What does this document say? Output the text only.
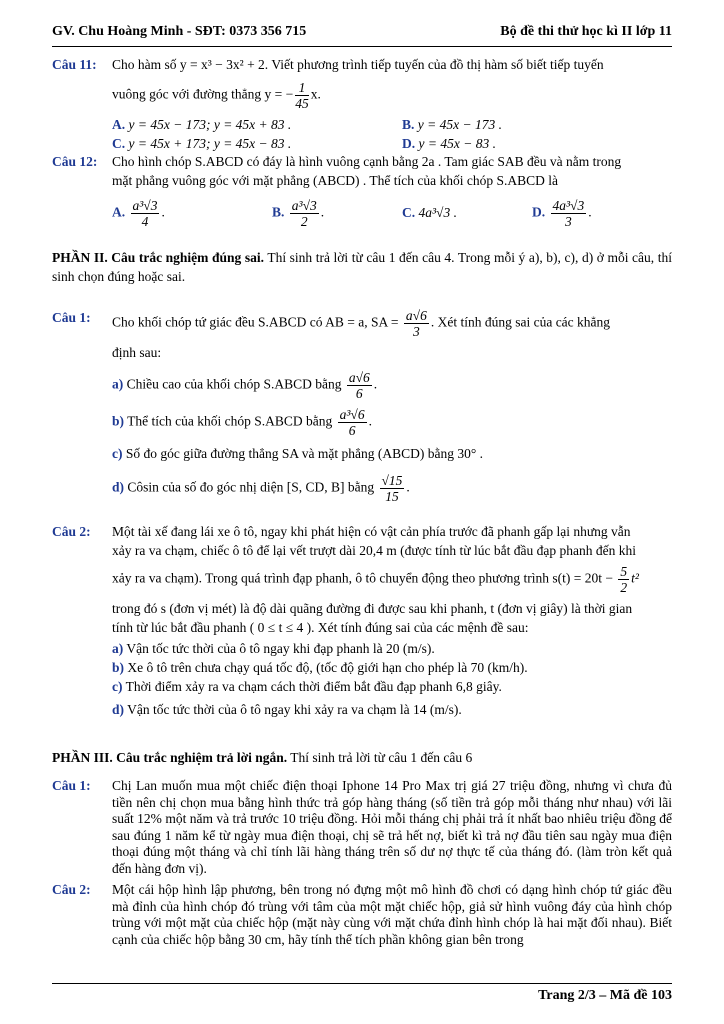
GV. Chu Hoàng Minh - SĐT: 0373 356 715	Bộ đề thi thử học kì II lớp 11
Câu 11: Cho hàm số y = x³ − 3x² + 2. Viết phương trình tiếp tuyến của đồ thị hàm số biết tiếp tuyến
vuông góc với đường thẳng y = − $\frac{1}{45} x$.
A. y = 45x − 173; y = 45x + 83 .	B. y = 45x − 173 .
C. y = 45x + 173; y = 45x − 83 .	D. y = 45x − 83 .
Câu 12: Cho hình chóp S.ABCD có đáy là hình vuông cạnh bằng 2a . Tam giác SAB đều và nằm trong
mặt phẳng vuông góc với mặt phẳng (ABCD) . Thể tích của khối chóp S.ABCD là
A. $\frac{\text{a³√3}}{4}$ .	B. $\frac{\text{a³√3}}{2}$ .	C. 4a³√3 .	D. $\frac{\text{4a³√3}}{3}$ .
PHẦN II. Câu trắc nghiệm đúng sai. Thí sinh trả lời từ câu 1 đến câu 4. Trong mỗi ý a), b), c), d) ở mỗi câu, thí sinh chọn đúng hoặc sai.
Câu 1: Cho khối chóp tứ giác đều S.ABCD có AB = a, SA = $\frac{a√6}{3}$ . Xét tính đúng sai của các khẳng
định sau:
a) Chiều cao của khối chóp S.ABCD bằng $\frac{a√6}{6}$ .
b) Thể tích của khối chóp S.ABCD bằng $\frac{\text{a³√6}}{6}$ .
c) Số đo góc giữa đường thẳng SA và mặt phẳng (ABCD) bằng 30° .
d) Côsin của số đo góc nhị diện [S, CD, B] bằng $\frac{√15}{15}$ .
Câu 2: Một tài xế đang lái xe ô tô, ngay khi phát hiện có vật cản phía trước đã phanh gấp lại nhưng vẫn
xảy ra va chạm, chiếc ô tô để lại vết trượt dài 20,4 m (được tính từ lúc bắt đầu đạp phanh đến khi
xảy ra va chạm). Trong quá trình đạp phanh, ô tô chuyển động theo phương trình $s(t) = 20t - \frac{5}{2} t^2$
trong đó s (đơn vị mét) là độ dài quãng đường đi được sau khi phanh, t (đơn vị giây) là thời gian
tính từ lúc bắt đầu phanh ( 0 ≤ t ≤ 4 ). Xét tính đúng sai của các mệnh đề sau:
a) Vận tốc tức thời của ô tô ngay khi đạp phanh là 20 (m/s).
b) Xe ô tô trên chưa chạy quá tốc độ, (tốc độ giới hạn cho phép là 70 (km/h).
c) Thời điểm xảy ra va chạm cách thời điểm bắt đầu đạp phanh 6,8 giây.
d) Vận tốc tức thời của ô tô ngay khi xảy ra va chạm là 14 (m/s).
PHẦN III. Câu trắc nghiệm trả lời ngắn. Thí sinh trả lời từ câu 1 đến câu 6
Câu 1: Chị Lan muốn mua một chiếc điện thoại Iphone 14 Pro Max trị giá 27 triệu đồng, nhưng vì chưa đủ tiền nên chị chọn mua bằng hình thức trả góp hàng tháng (số tiền trả góp mỗi tháng như nhau) với lãi suất 12% một năm và trả trước 10 triệu đồng. Hỏi mỗi tháng chị phải trả ít nhất bao nhiêu triệu đồng để sau đúng 1 năm kể từ ngày mua điện thoại, chị sẽ trả hết nợ, biết kì trả nợ đầu tiên sau ngày mua điện thoại đúng một tháng và chỉ tính lãi hàng tháng trên số dư nợ thực tế của tháng đó. (làm tròn kết quả đến hàng đơn vị).
Câu 2: Một cái hộp hình lập phương, bên trong nó đựng một mô hình đồ chơi có dạng hình chóp tứ giác đều mà đỉnh của hình chóp đó trùng với tâm của một mặt chiếc hộp, giả sử hình vuông đáy của hình chóp trùng với một mặt của chiếc hộp (mặt này cùng với mặt chứa đỉnh hình chóp là hai mặt đối nhau). Biết cạnh của chiếc hộp bằng 30 cm, hãy tính thể tích phần không gian bên trong
Trang 2/3 – Mã đề 103
